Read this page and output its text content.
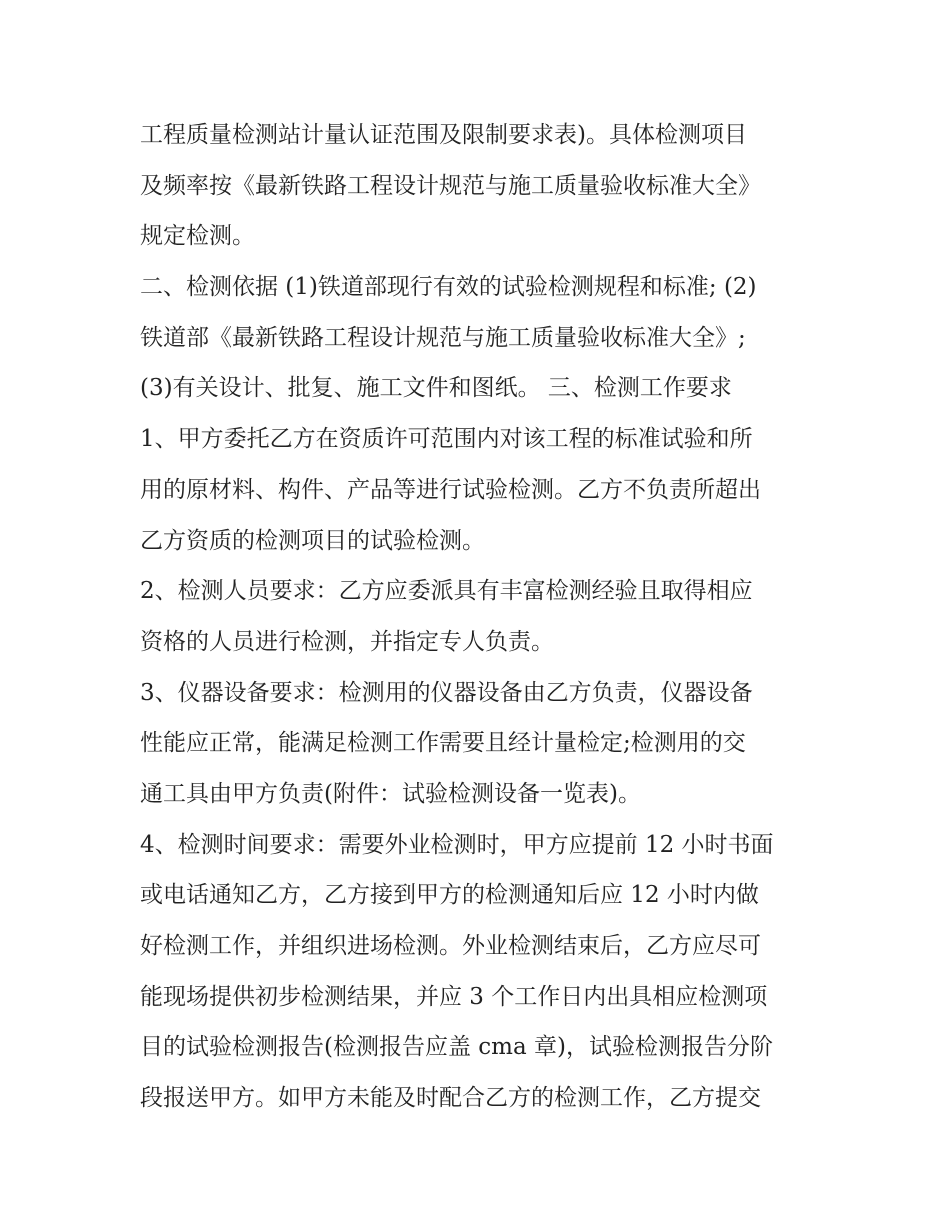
工程质量检测站计量认证范围及限制要求表)。具体检测项目
及频率按《最新铁路工程设计规范与施工质量验收标准大全》
规定检测。
二、检测依据 (1)铁道部现行有效的试验检测规程和标准; (2)
铁道部《最新铁路工程设计规范与施工质量验收标准大全》;
(3)有关设计、批复、施工文件和图纸。 三、检测工作要求
1、甲方委托乙方在资质许可范围内对该工程的标准试验和所
用的原材料、构件、产品等进行试验检测。乙方不负责所超出
乙方资质的检测项目的试验检测。
2、检测人员要求：乙方应委派具有丰富检测经验且取得相应
资格的人员进行检测，并指定专人负责。
3、仪器设备要求：检测用的仪器设备由乙方负责，仪器设备
性能应正常，能满足检测工作需要且经计量检定;检测用的交
通工具由甲方负责(附件：试验检测设备一览表)。
4、检测时间要求：需要外业检测时，甲方应提前 12 小时书面
或电话通知乙方，乙方接到甲方的检测通知后应 12 小时内做
好检测工作，并组织进场检测。外业检测结束后，乙方应尽可
能现场提供初步检测结果，并应 3 个工作日内出具相应检测项
目的试验检测报告(检测报告应盖 cma 章)，试验检测报告分阶
段报送甲方。如甲方未能及时配合乙方的检测工作，乙方提交
